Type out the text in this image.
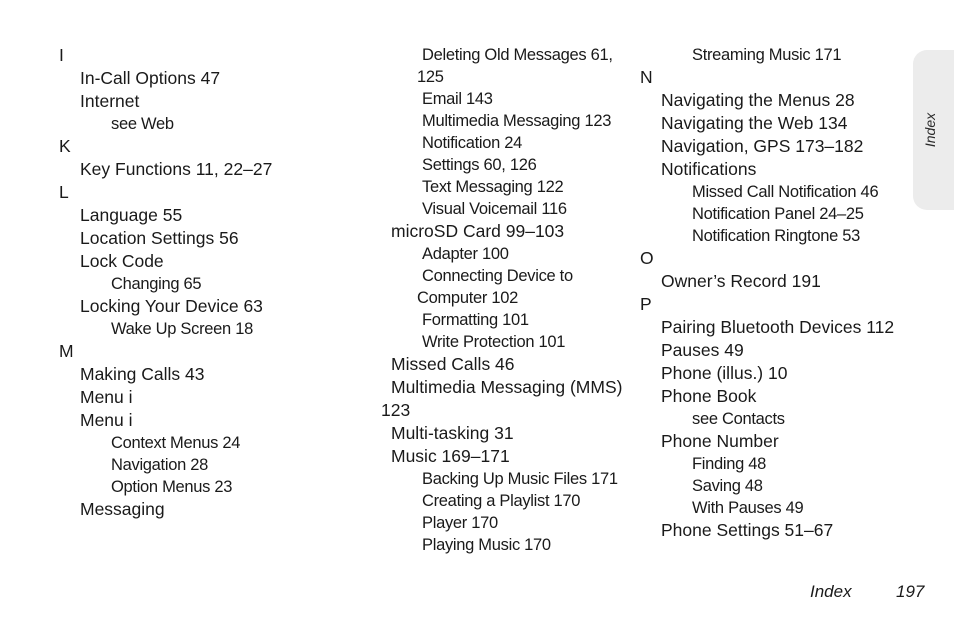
Index
I
In-Call Options 47
Internet
see Web
K
Key Functions 11, 22–27
L
Language 55
Location Settings 56
Lock Code
Changing 65
Locking Your Device 63
Wake Up Screen 18
M
Making Calls 43
Menu i
Menu i
Context Menus 24
Navigation 28
Option Menus 23
Messaging
Deleting Old Messages 61,
125
Email 143
Multimedia Messaging 123
Notification 24
Settings 60, 126
Text Messaging 122
Visual Voicemail 116
microSD Card 99–103
Adapter 100
Connecting Device to
Computer 102
Formatting 101
Write Protection 101
Missed Calls 46
Multimedia Messaging (MMS)
123
Multi-tasking 31
Music 169–171
Backing Up Music Files 171
Creating a Playlist 170
Player 170
Playing Music 170
Streaming Music 171
N
Navigating the Menus 28
Navigating the Web 134
Navigation, GPS 173–182
Notifications
Missed Call Notification 46
Notification Panel 24–25
Notification Ringtone 53
O
Owner’s Record 191
P
Pairing Bluetooth Devices 112
Pauses 49
Phone (illus.) 10
Phone Book
see Contacts
Phone Number
Finding 48
Saving 48
With Pauses 49
Phone Settings 51–67
Index	197
